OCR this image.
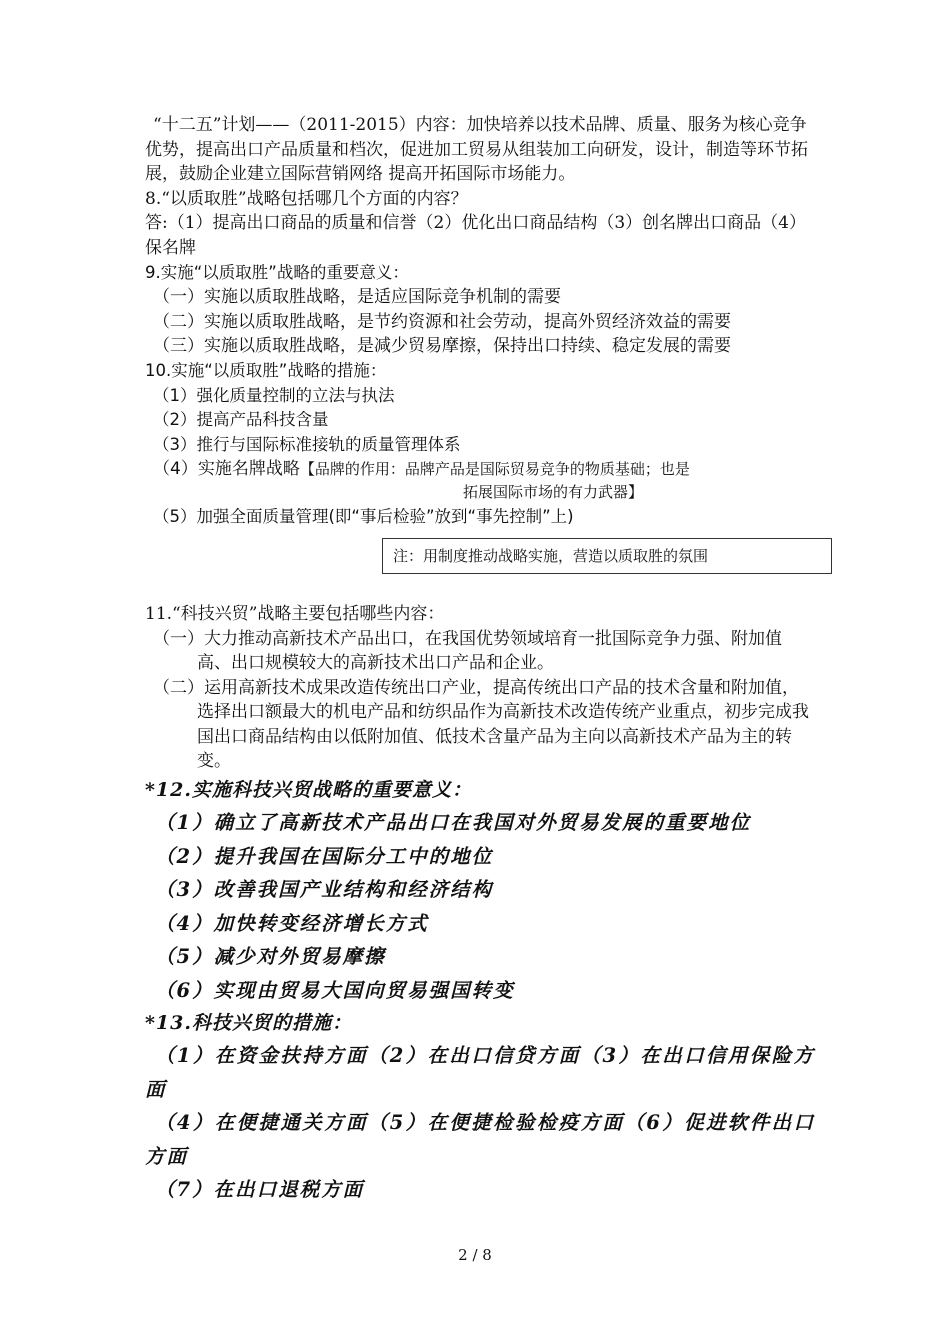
“十二五”计划——（2011-2015）内容：加快培养以技术品牌、质量、服务为核心竞争优势，提高出口产品质量和档次，促进加工贸易从组装加工向研发，设计，制造等环节拓展，鼓励企业建立国际营销网络 提高开拓国际市场能力。

8.“以质取胜”战略包括哪几个方面的内容？

答:（1）提高出口商品的质量和信誉（2）优化出口商品结构（3）创名牌出口商品（4）保名牌

9.实施“以质取胜”战略的重要意义：

（一）实施以质取胜战略，是适应国际竞争机制的需要

（二）实施以质取胜战略，是节约资源和社会劳动，提高外贸经济效益的需要

（三）实施以质取胜战略，是减少贸易摩擦，保持出口持续、稳定发展的需要

10.实施“以质取胜”战略的措施：

（1）强化质量控制的立法与执法

（2）提高产品科技含量

（3）推行与国际标准接轨的质量管理体系

（4）实施名牌战略【品牌的作用：品牌产品是国际贸易竞争的物质基础；也是
拓展国际市场的有力武器】

（5）加强全面质量管理(即“事后检验”放到“事先控制”上)

注：用制度推动战略实施，营造以质取胜的氛围

11.“科技兴贸”战略主要包括哪些内容：

（一）大力推动高新技术产品出口，在我国优势领域培育一批国际竞争力强、附加值高、出口规模较大的高新技术出口产品和企业。

（二）运用高新技术成果改造传统出口产业，提高传统出口产品的技术含量和附加值，选择出口额最大的机电产品和纺织品作为高新技术改造传统产业重点，初步完成我国出口商品结构由以低附加值、低技术含量产品为主向以高新技术产品为主的转变。

*12.实施科技兴贸战略的重要意义：

（1）确立了高新技术产品出口在我国对外贸易发展的重要地位

（2）提升我国在国际分工中的地位

（3）改善我国产业结构和经济结构

（4）加快转变经济增长方式

（5）减少对外贸易摩擦

（6）实现由贸易大国向贸易强国转变

*13.科技兴贸的措施：

（1）在资金扶持方面（2）在出口信贷方面（3）在出口信用保险方面

（4）在便捷通关方面（5）在便捷检验检疫方面（6）促进软件出口方面

（7）在出口退税方面

2 / 8
